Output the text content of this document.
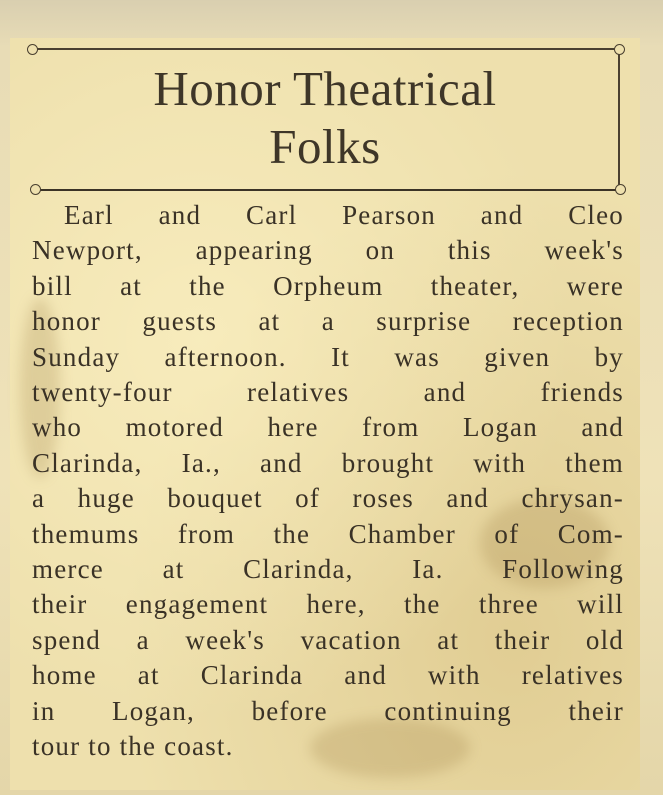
Honor Theatrical
Folks
Earl and Carl Pearson and Cleo
Newport, appearing on this week's
bill at the Orpheum theater, were
honor guests at a surprise reception
Sunday afternoon. It was given by
twenty-four relatives and friends
who motored here from Logan and
Clarinda, Ia., and brought with them
a huge bouquet of roses and chrysan-
themums from the Chamber of Com-
merce at Clarinda, Ia. Following
their engagement here, the three will
spend a week's vacation at their old
home at Clarinda and with relatives
in Logan, before continuing their
tour to the coast.
